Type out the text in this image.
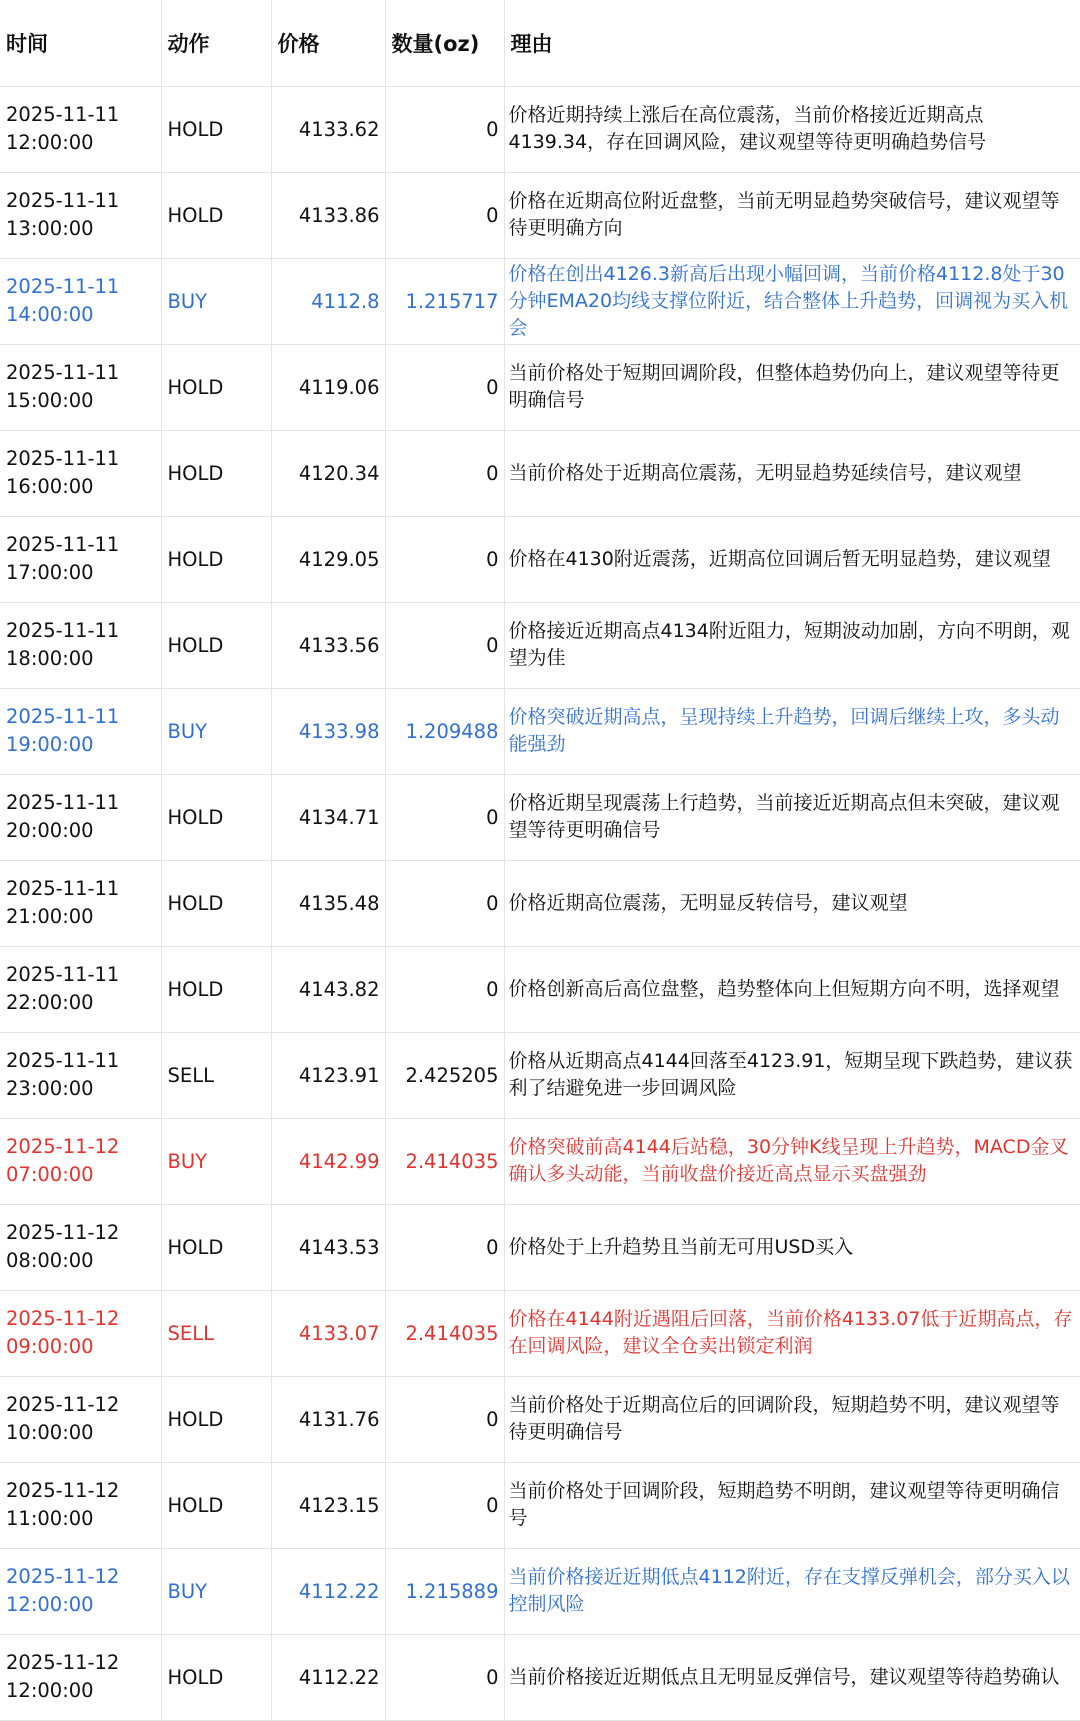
时间	动作	价格	数量(oz)	理由

2025-11-11
12:00:00	HOLD	4133.62	0	价格近期持续上涨后在高位震荡，当前价格接近近期高点4139.34，存在回调风险，建议观望等待更明确趋势信号

2025-11-11
13:00:00	HOLD	4133.86	0	价格在近期高位附近盘整，当前无明显趋势突破信号，建议观望等待更明确方向

2025-11-11
14:00:00	BUY	4112.8	1.215717	价格在创出4126.3新高后出现小幅回调，当前价格4112.8处于30分钟EMA20均线支撑位附近，结合整体上升趋势，回调视为买入机会

2025-11-11
15:00:00	HOLD	4119.06	0	当前价格处于短期回调阶段，但整体趋势仍向上，建议观望等待更明确信号

2025-11-11
16:00:00	HOLD	4120.34	0	当前价格处于近期高位震荡，无明显趋势延续信号，建议观望

2025-11-11
17:00:00	HOLD	4129.05	0	价格在4130附近震荡，近期高位回调后暂无明显趋势，建议观望

2025-11-11
18:00:00	HOLD	4133.56	0	价格接近近期高点4134附近阻力，短期波动加剧，方向不明朗，观望为佳

2025-11-11
19:00:00	BUY	4133.98	1.209488	价格突破近期高点，呈现持续上升趋势，回调后继续上攻，多头动能强劲

2025-11-11
20:00:00	HOLD	4134.71	0	价格近期呈现震荡上行趋势，当前接近近期高点但未突破，建议观望等待更明确信号

2025-11-11
21:00:00	HOLD	4135.48	0	价格近期高位震荡，无明显反转信号，建议观望

2025-11-11
22:00:00	HOLD	4143.82	0	价格创新高后高位盘整，趋势整体向上但短期方向不明，选择观望

2025-11-11
23:00:00	SELL	4123.91	2.425205	价格从近期高点4144回落至4123.91，短期呈现下跌趋势，建议获利了结避免进一步回调风险

2025-11-12
07:00:00	BUY	4142.99	2.414035	价格突破前高4144后站稳，30分钟K线呈现上升趋势，MACD金叉确认多头动能，当前收盘价接近高点显示买盘强劲

2025-11-12
08:00:00	HOLD	4143.53	0	价格处于上升趋势且当前无可用USD买入

2025-11-12
09:00:00	SELL	4133.07	2.414035	价格在4144附近遇阻后回落，当前价格4133.07低于近期高点，存在回调风险，建议全仓卖出锁定利润

2025-11-12
10:00:00	HOLD	4131.76	0	当前价格处于近期高位后的回调阶段，短期趋势不明，建议观望等待更明确信号

2025-11-12
11:00:00	HOLD	4123.15	0	当前价格处于回调阶段，短期趋势不明朗，建议观望等待更明确信号

2025-11-12
12:00:00	BUY	4112.22	1.215889	当前价格接近近期低点4112附近，存在支撑反弹机会，部分买入以控制风险

2025-11-12
12:00:00	HOLD	4112.22	0	当前价格接近近期低点且无明显反弹信号，建议观望等待趋势确认
